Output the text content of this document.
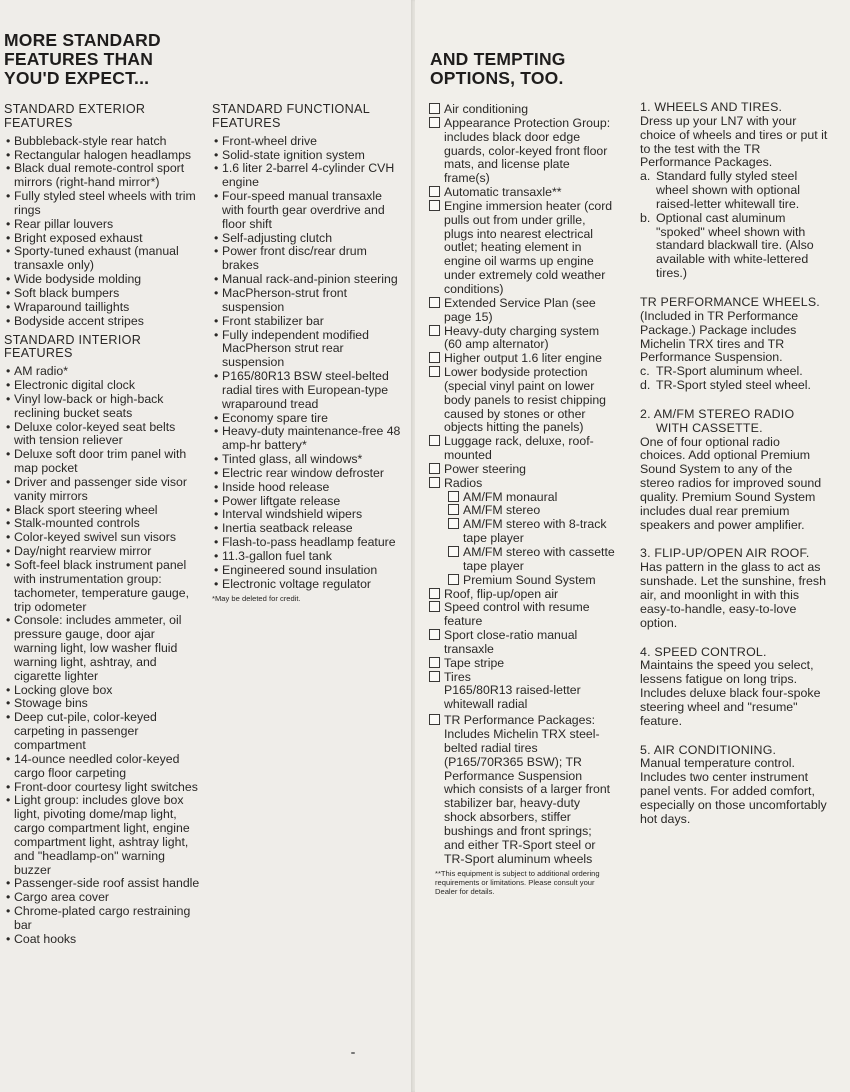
MORE STANDARD
FEATURES THAN
YOU'D EXPECT...
STANDARD EXTERIOR
FEATURES
• Bubbleback-style rear hatch
• Rectangular halogen headlamps
• Black dual remote-control sport mirrors (right-hand mirror*)
• Fully styled steel wheels with trim rings
• Rear pillar louvers
• Bright exposed exhaust
• Sporty-tuned exhaust (manual transaxle only)
• Wide bodyside molding
• Soft black bumpers
• Wraparound taillights
• Bodyside accent stripes
STANDARD INTERIOR
FEATURES
• AM radio*
• Electronic digital clock
• Vinyl low-back or high-back reclining bucket seats
• Deluxe color-keyed seat belts with tension reliever
• Deluxe soft door trim panel with map pocket
• Driver and passenger side visor vanity mirrors
• Black sport steering wheel
• Stalk-mounted controls
• Color-keyed swivel sun visors
• Day/night rearview mirror
• Soft-feel black instrument panel with instrumentation group: tachometer, temperature gauge, trip odometer
• Console: includes ammeter, oil pressure gauge, door ajar warning light, low washer fluid warning light, ashtray, and cigarette lighter
• Locking glove box
• Stowage bins
• Deep cut-pile, color-keyed carpeting in passenger compartment
• 14-ounce needled color-keyed cargo floor carpeting
• Front-door courtesy light switches
• Light group: includes glove box light, pivoting dome/map light, cargo compartment light, engine compartment light, ashtray light, and "headlamp-on" warning buzzer
• Passenger-side roof assist handle
• Cargo area cover
• Chrome-plated cargo restraining bar
• Coat hooks
STANDARD FUNCTIONAL
FEATURES
• Front-wheel drive
• Solid-state ignition system
• 1.6 liter 2-barrel 4-cylinder CVH engine
• Four-speed manual transaxle with fourth gear overdrive and floor shift
• Self-adjusting clutch
• Power front disc/rear drum brakes
• Manual rack-and-pinion steering
• MacPherson-strut front suspension
• Front stabilizer bar
• Fully independent modified MacPherson strut rear suspension
• P165/80R13 BSW steel-belted radial tires with European-type wraparound tread
• Economy spare tire
• Heavy-duty maintenance-free 48 amp-hr battery*
• Tinted glass, all windows*
• Electric rear window defroster
• Inside hood release
• Power liftgate release
• Interval windshield wipers
• Inertia seatback release
• Flash-to-pass headlamp feature
• 11.3-gallon fuel tank
• Engineered sound insulation
• Electronic voltage regulator
*May be deleted for credit.
AND TEMPTING
OPTIONS, TOO.
Air conditioning
Appearance Protection Group: includes black door edge guards, color-keyed front floor mats, and license plate frame(s)
Automatic transaxle**
Engine immersion heater (cord pulls out from under grille, plugs into nearest electrical outlet; heating element in engine oil warms up engine under extremely cold weather conditions)
Extended Service Plan (see page 15)
Heavy-duty charging system (60 amp alternator)
Higher output 1.6 liter engine
Lower bodyside protection (special vinyl paint on lower body panels to resist chipping caused by stones or other objects hitting the panels)
Luggage rack, deluxe, roof-mounted
Power steering
Radios
AM/FM monaural
AM/FM stereo
AM/FM stereo with 8-track tape player
AM/FM stereo with cassette tape player
Premium Sound System
Roof, flip-up/open air
Speed control with resume feature
Sport close-ratio manual transaxle
Tape stripe
Tires
P165/80R13 raised-letter whitewall radial
TR Performance Packages: Includes Michelin TRX steel-belted radial tires (P165/70R365 BSW); TR Performance Suspension which consists of a larger front stabilizer bar, heavy-duty shock absorbers, stiffer bushings and front springs; and either TR-Sport steel or TR-Sport aluminum wheels
**This equipment is subject to additional ordering requirements or limitations. Please consult your Dealer for details.

1. WHEELS AND TIRES.

Dress up your LN7 with your choice of wheels and tires or put it to the test with the TR Performance Packages.

a. Standard fully styled steel wheel shown with optional raised-letter whitewall tire.
b. Optional cast aluminum "spoked" wheel shown with standard blackwall tire. (Also available with white-lettered tires.)

TR PERFORMANCE WHEELS.

(Included in TR Performance Package.) Package includes Michelin TRX tires and TR Performance Suspension.

c. TR-Sport aluminum wheel.
d. TR-Sport styled steel wheel.

2. AM/FM STEREO RADIO

WITH CASSETTE.

One of four optional radio choices. Add optional Premium Sound System to any of the stereo radios for improved sound quality. Premium Sound System includes dual rear premium speakers and power amplifier.

3. FLIP-UP/OPEN AIR ROOF.

Has pattern in the glass to act as sunshade. Let the sunshine, fresh air, and moonlight in with this easy-to-handle, easy-to-love option.

4. SPEED CONTROL.

Maintains the speed you select, lessens fatigue on long trips. Includes deluxe black four-spoke steering wheel and "resume" feature.

5. AIR CONDITIONING.

Manual temperature control. Includes two center instrument panel vents. For added comfort, especially on those uncomfortably hot days.
